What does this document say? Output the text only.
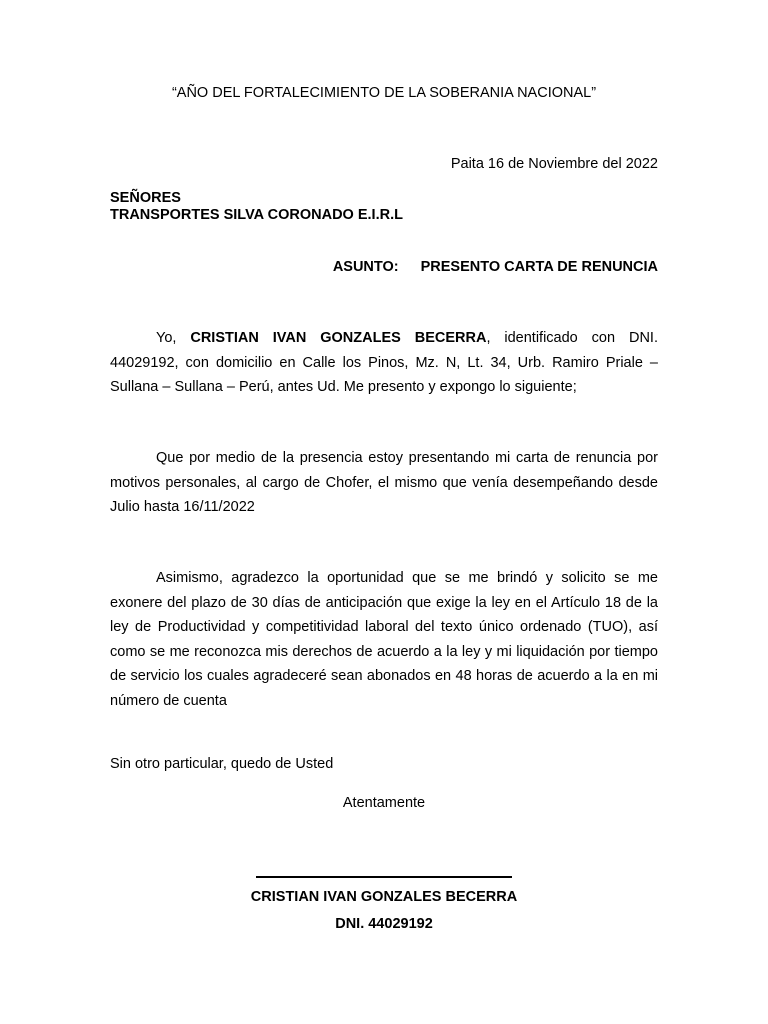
“AÑO DEL FORTALECIMIENTO DE LA SOBERANIA NACIONAL”
Paita 16 de Noviembre del 2022
SEÑORES
TRANSPORTES SILVA CORONADO E.I.R.L
ASUNTO: PRESENTO CARTA DE RENUNCIA
Yo, CRISTIAN IVAN GONZALES BECERRA, identificado con DNI. 44029192, con domicilio en Calle los Pinos, Mz. N, Lt. 34, Urb. Ramiro Priale – Sullana – Sullana – Perú, antes Ud. Me presento y expongo lo siguiente;
Que por medio de la presencia estoy presentando mi carta de renuncia por motivos personales, al cargo de Chofer, el mismo que venía desempeñando desde Julio hasta 16/11/2022
Asimismo, agradezco la oportunidad que se me brindó y solicito se me exonere del plazo de 30 días de anticipación que exige la ley en el Artículo 18 de la ley de Productividad y competitividad laboral del texto único ordenado (TUO), así como se me reconozca mis derechos de acuerdo a la ley y mi liquidación por tiempo de servicio los cuales agradeceré sean abonados en 48 horas de acuerdo a la en mi número de cuenta
Sin otro particular, quedo de Usted
Atentamente
CRISTIAN IVAN GONZALES BECERRA
DNI. 44029192
